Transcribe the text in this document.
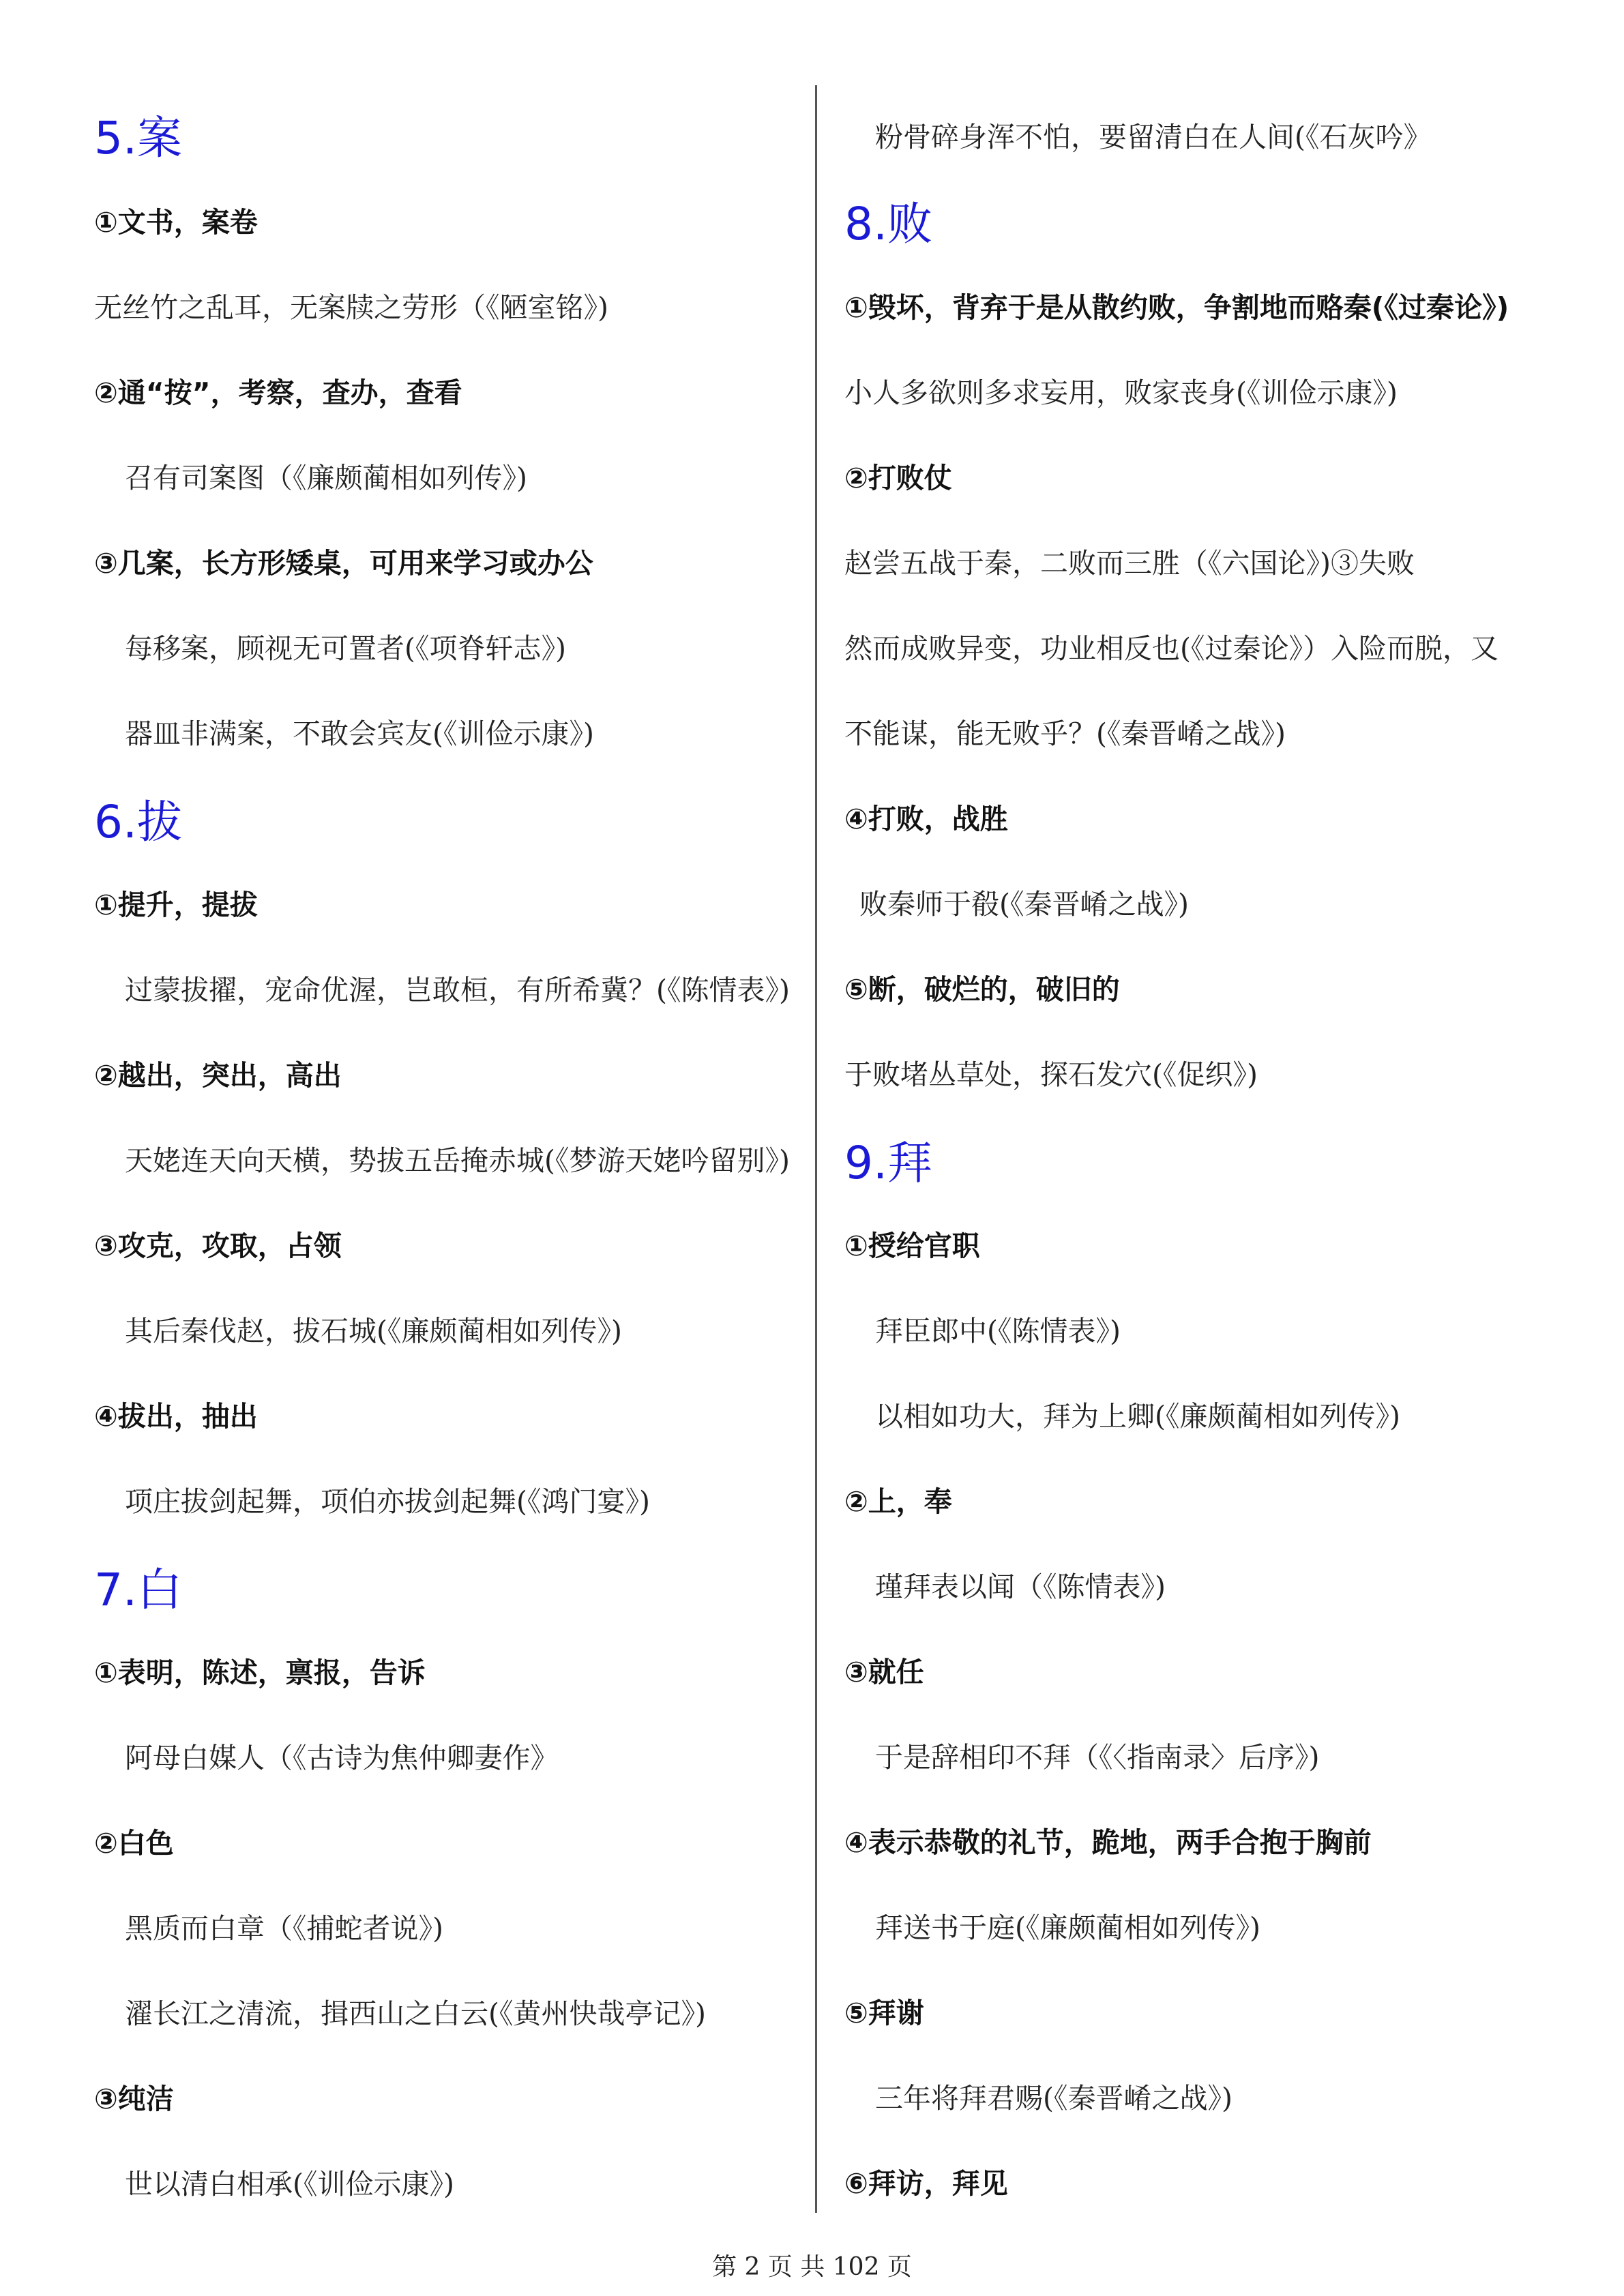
5.案
①文书，案卷
无丝竹之乱耳，无案牍之劳形（《陋室铭》)
②通“按”，考察，查办，查看
召有司案图（《廉颇蔺相如列传》)
③几案，长方形矮桌，可用来学习或办公
每移案，顾视无可置者(《项脊轩志》)
器皿非满案，不敢会宾友(《训俭示康》)
6.拔
①提升，提拔
过蒙拔擢，宠命优渥，岂敢桓，有所希冀？(《陈情表》)
②越出，突出，高出
天姥连天向天横，势拔五岳掩赤城(《梦游天姥吟留别》)
③攻克，攻取，占领
其后秦伐赵，拔石城(《廉颇蔺相如列传》)
④拔出，抽出
项庄拔剑起舞，项伯亦拔剑起舞(《鸿门宴》)
7.白
①表明，陈述，禀报，告诉
阿母白媒人（《古诗为焦仲卿妻作》
②白色
黑质而白章（《捕蛇者说》)
濯长江之清流，揖西山之白云(《黄州快哉亭记》)
③纯洁
世以清白相承(《训俭示康》)
粉骨碎身浑不怕，要留清白在人间(《石灰吟》
8.败
①毁坏，背弃于是从散约败，争割地而赂秦(《过秦论》)
小人多欲则多求妄用，败家丧身(《训俭示康》)
②打败仗
赵尝五战于秦，二败而三胜（《六国论》)③失败
然而成败异变，功业相反也(《过秦论》）入险而脱，又
不能谋，能无败乎？(《秦晋崤之战》)
④打败，战胜
败秦师于殽(《秦晋崤之战》)
⑤断，破烂的，破旧的
于败堵丛草处，探石发穴(《促织》)
9.拜
①授给官职
拜臣郎中(《陈情表》)
以相如功大，拜为上卿(《廉颇蔺相如列传》)
②上，奉
瑾拜表以闻（《陈情表》)
③就任
于是辞相印不拜（《〈指南录〉后序》)
④表示恭敬的礼节，跪地，两手合抱于胸前
拜送书于庭(《廉颇蔺相如列传》)
⑤拜谢
三年将拜君赐(《秦晋崤之战》)
⑥拜访，拜见
第 2 页 共 102 页
